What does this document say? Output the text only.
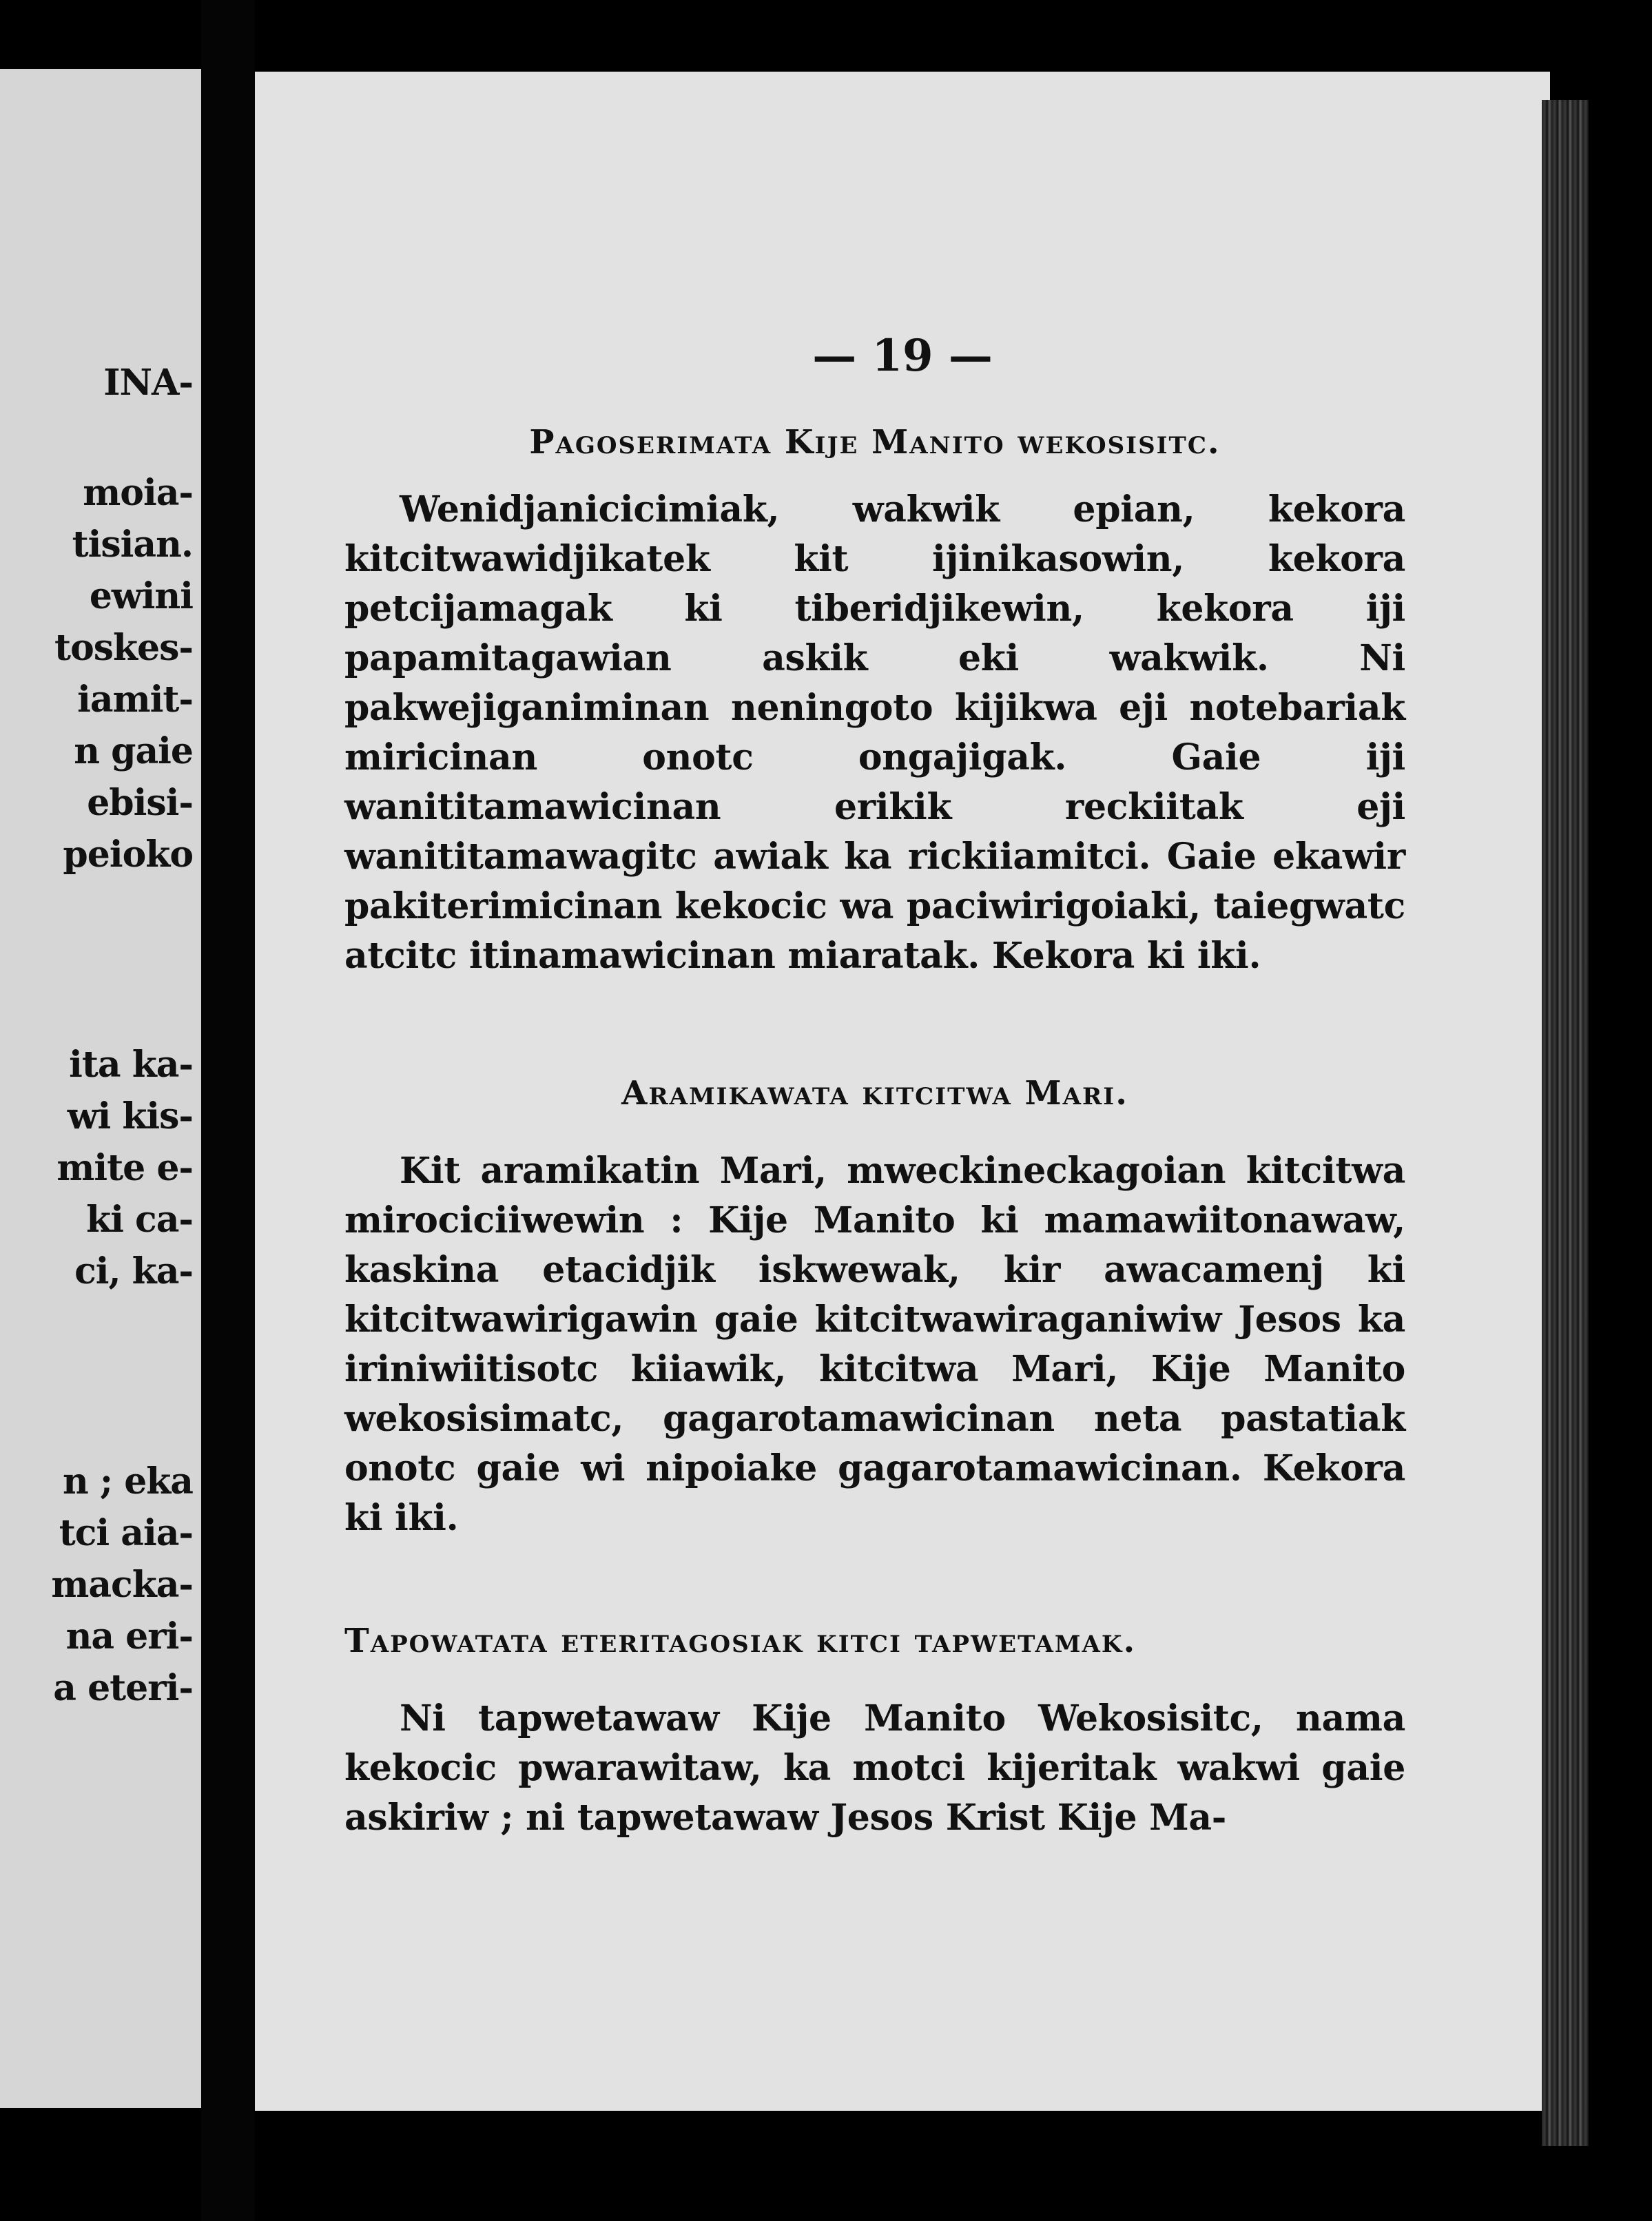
INA-
moia-
tisian.
ewini
toskes-
iamit-
n gaie
ebisi-
peioko
ita ka-
wi kis-
mite e-
ki ca-
ci, ka-
n ; eka
tci aia-
macka-
na eri-
a eteri-
— 19 —
Pagoserimata Kije Manito wekosisitc.

Wenidjanicicimiak, wakwik epian, kekora kitcitwawidjikatek kit ijinikasowin, kekora petcijamagak ki tiberidjikewin, kekora iji papamitagawian askik eki wakwik. Ni pakwejiganiminan neningoto kijikwa eji notebariak miricinan onotc ongajigak. Gaie iji wanititamawicinan erikik reckiitak eji wanititamawagitc awiak ka rickiiamitci. Gaie ekawir pakiterimicinan kekocic wa paciwirigoiaki, taiegwatc atcitc itinamawicinan miaratak. Kekora ki iki.

Aramikawata kitcitwa Mari.

Kit aramikatin Mari, mweckineckagoian kitcitwa mirociciiwewin : Kije Manito ki mamawiitonawaw, kaskina etacidjik iskwewak, kir awacamenj ki kitcitwawirigawin gaie kitcitwawiraganiwiw Jesos ka iriniwiitisotc kiiawik, kitcitwa Mari, Kije Manito wekosisimatc, gagarotamawicinan neta pastatiak onotc gaie wi nipoiake gagarotamawicinan. Kekora ki iki.

Tapowatata eteritagosiak kitci tapwetamak.

Ni tapwetawaw Kije Manito Wekosisitc, nama kekocic pwarawitaw, ka motci kijeritak wakwi gaie askiriw ; ni tapwetawaw Jesos Krist Kije Ma-
